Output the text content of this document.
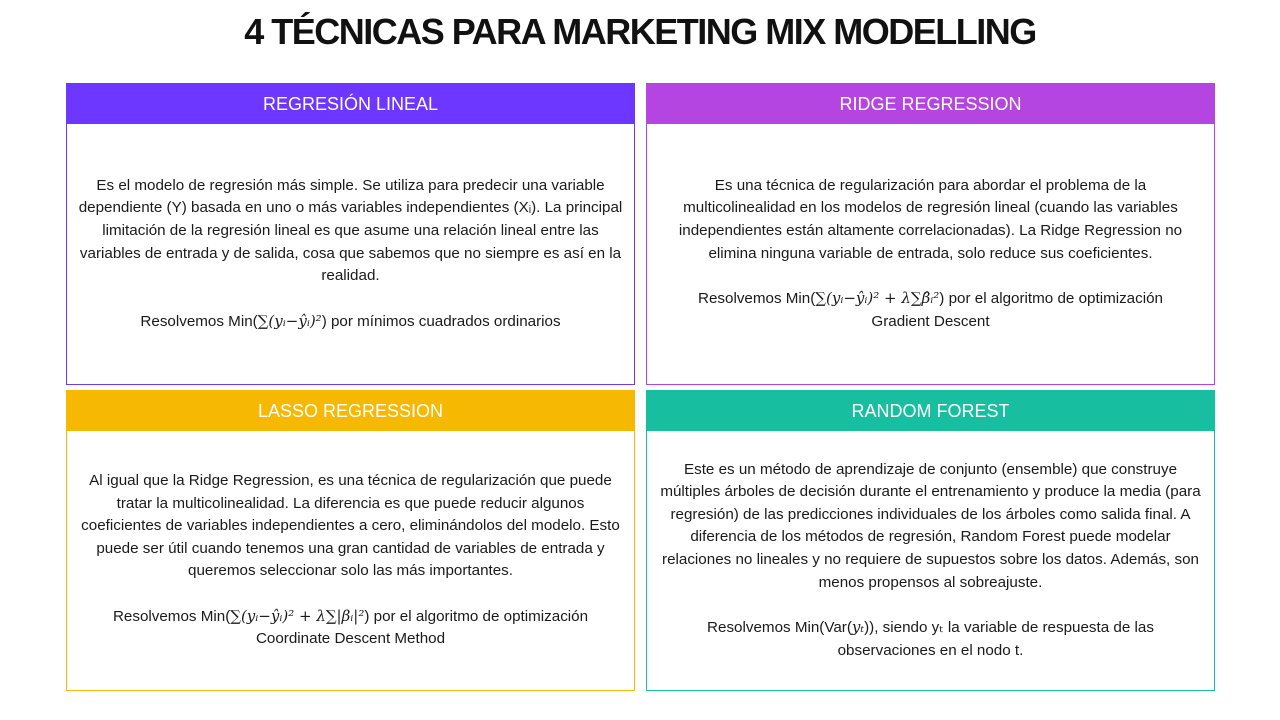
4 TÉCNICAS PARA MARKETING MIX MODELLING
REGRESIÓN LINEAL

Es el modelo de regresión más simple. Se utiliza para predecir una variable dependiente (Y) basada en uno o más variables independientes (Xᵢ). La principal limitación de la regresión lineal es que asume una relación lineal entre las variables de entrada y de salida, cosa que sabemos que no siempre es así en la realidad.

Resolvemos Min(∑(yᵢ−ŷᵢ)²) por mínimos cuadrados ordinarios

RIDGE REGRESSION

Es una técnica de regularización para abordar el problema de la multicolinealidad en los modelos de regresión lineal (cuando las variables independientes están altamente correlacionadas). La Ridge Regression no elimina ninguna variable de entrada, solo reduce sus coeficientes.

Resolvemos Min(∑(yᵢ−ŷᵢ)² + λ∑β̂ᵢ²) por el algoritmo de optimización
Gradient Descent

LASSO REGRESSION

Al igual que la Ridge Regression, es una técnica de regularización que puede tratar la multicolinealidad. La diferencia es que puede reducir algunos coeficientes de variables independientes a cero, eliminándolos del modelo. Esto puede ser útil cuando tenemos una gran cantidad de variables de entrada y queremos seleccionar solo las más importantes.

Resolvemos Min(∑(yᵢ−ŷᵢ)² + λ∑|βᵢ|²) por el algoritmo de optimización
Coordinate Descent Method

RANDOM FOREST

Este es un método de aprendizaje de conjunto (ensemble) que construye múltiples árboles de decisión durante el entrenamiento y produce la media (para regresión) de las predicciones individuales de los árboles como salida final. A diferencia de los métodos de regresión, Random Forest puede modelar relaciones no lineales y no requiere de supuestos sobre los datos. Además, son menos propensos al sobreajuste.

Resolvemos Min(Var(yₜ)), siendo yₜ la variable de respuesta de las observaciones en el nodo t.
